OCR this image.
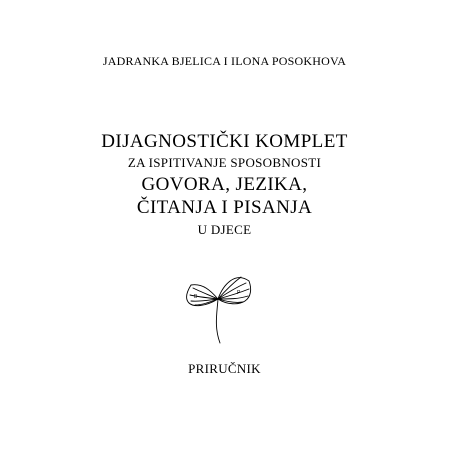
JADRANKA BJELICA I ILONA POSOKHOVA
DIJAGNOSTIČKI KOMPLET
ZA ISPITIVANJE SPOSOBNOSTI
GOVORA, JEZIKA,
ČITANJA I PISANJA
U DJECE
B
P
PRIRUČNIK
